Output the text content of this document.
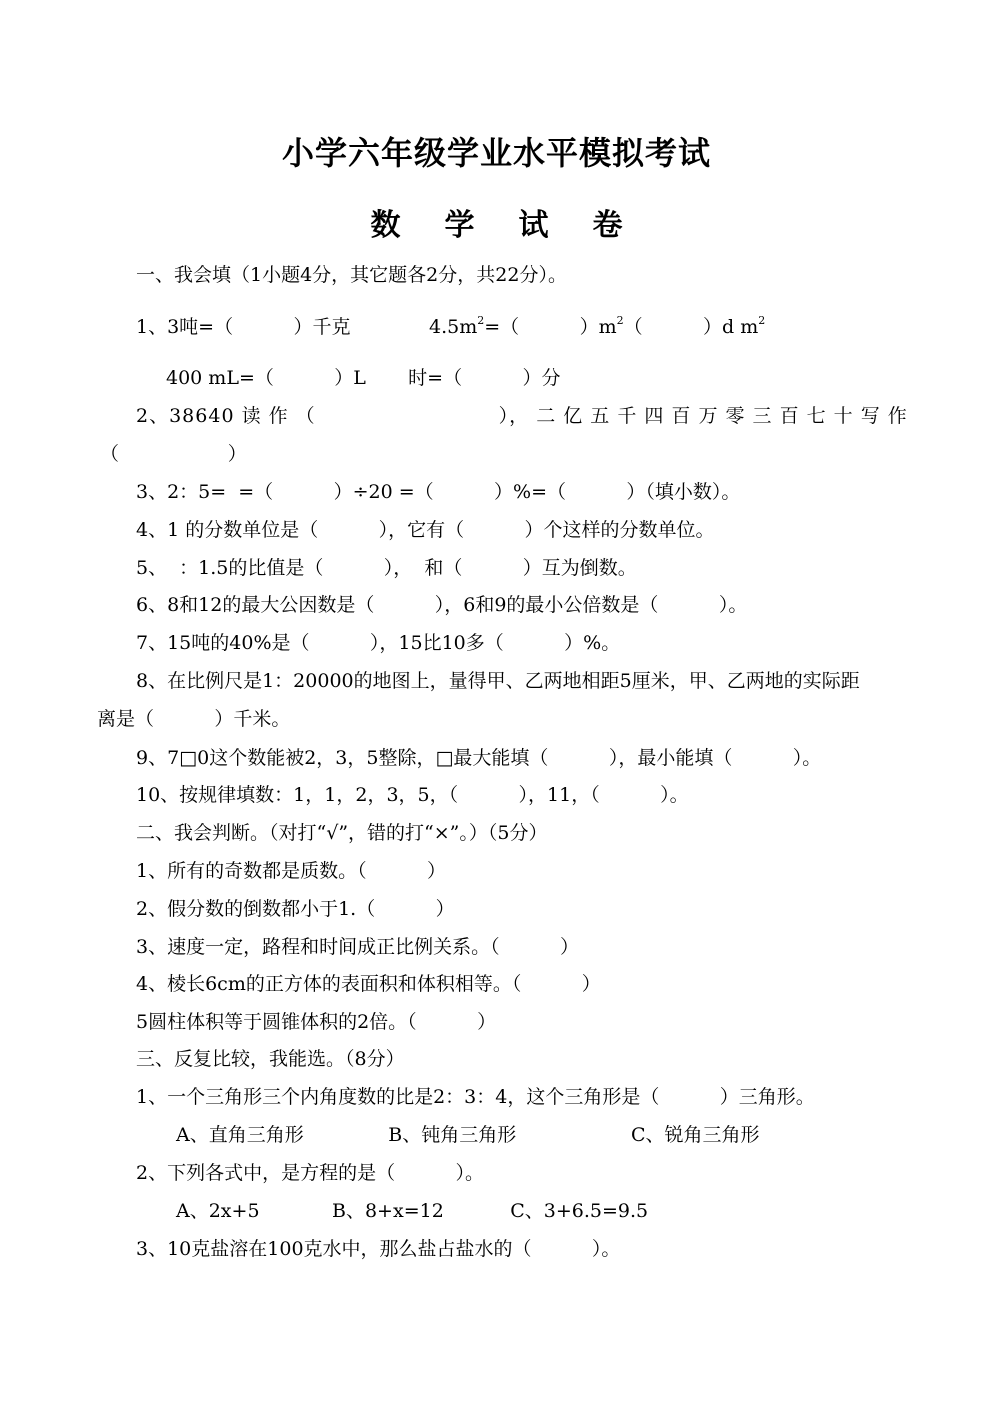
小学六年级学业水平模拟考试
数学试卷
一、我会填（1小题4分，其它题各2分，共22分）。
1、3吨=（          ）千克             $4.5m^2=$（          ）$m^2$（          ）d $m^2$
400 mL=（          ）L       时=（          ）分
2、38640 读 作 （                          ）， 二 亿 五 千 四 百 万 零 三 百 七 十 写 作
（                  ）
3、2：5=  =（          ）÷20 =（          ）%=（          ）（填小数）。
4、1 的分数单位是（          ），它有（          ）个这样的分数单位。
5、  ：1.5的比值是（          ），  和（          ）互为倒数。
6、8和12的最大公因数是（          ），6和9的最小公倍数是（          ）。
7、15吨的40%是（          ），15比10多（          ）%。
8、在比例尺是1：20000的地图上，量得甲、乙两地相距5厘米，甲、乙两地的实际距
离是（          ）千米。
9、7□0这个数能被2，3，5整除，□最大能填（          ），最小能填（          ）。
10、按规律填数：1，1，2，3，5，（          ），11，（          ）。
二、我会判断。（对打“√”，错的打“×”。）（5分）
1、所有的奇数都是质数。（          ）
2、假分数的倒数都小于1.（          ）
3、速度一定，路程和时间成正比例关系。（          ）
4、棱长6cm的正方体的表面积和体积相等。（          ）
5圆柱体积等于圆锥体积的2倍。（          ）
三、反复比较，我能选。（8分）
1、一个三角形三个内角度数的比是2：3：4，这个三角形是（          ）三角形。
A、直角三角形              B、钝角三角形                   C、锐角三角形
2、下列各式中，是方程的是（          ）。
A、2x+5            B、8+x=12           C、3+6.5=9.5
3、10克盐溶在100克水中，那么盐占盐水的（          ）。
